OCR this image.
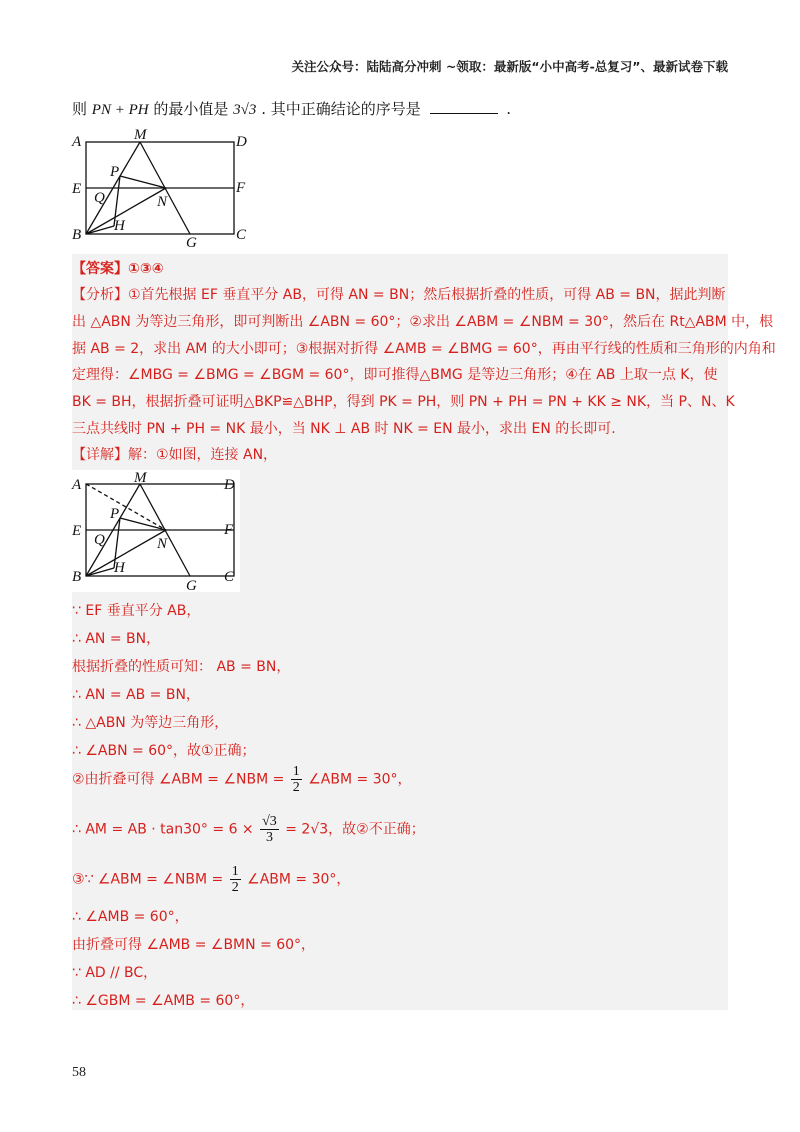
关注公众号：陆陆高分冲刺 ~领取：最新版“小中高考-总复习”、最新试卷下载
则 PN + PH 的最小值是 3√3 . 其中正确结论的序号是	.
A	M	D
P
E	F
Q	N
H
B	G	C
【答案】①③④
【分析】①首先根据 EF 垂直平分 AB，可得 AN = BN；然后根据折叠的性质，可得 AB = BN，据此判断
出 △ABN 为等边三角形，即可判断出 ∠ABN = 60°；②求出 ∠ABM = ∠NBM = 30°，然后在 Rt△ABM 中，根
据 AB = 2，求出 AM 的大小即可；③根据对折得 ∠AMB = ∠BMG = 60°，再由平行线的性质和三角形的内角和
定理得：∠MBG = ∠BMG = ∠BGM = 60°，即可推得△BMG 是等边三角形；④在 AB 上取一点 K，使
BK = BH，根据折叠可证明△BKP≌△BHP，得到 PK = PH，则 PN + PH = PN + KK ≥ NK，当 P、N、K
三点共线时 PN + PH = NK 最小，当 NK ⊥ AB 时 NK = EN 最小，求出 EN 的长即可.
【详解】解：①如图，连接 AN，
A	M	D
P
E	F
Q	N
H
B
G
C
∵ EF 垂直平分 AB，
∴ AN = BN，
根据折叠的性质可知： AB = BN，
∴ AN = AB = BN，
∴ △ABN 为等边三角形，
∴ ∠ABN = 60°，故①正确；
②由折叠可得 ∠ABM = ∠NBM = $\frac{1}{2}$ ∠ABM = 30°，
∴ AM = AB · $\tan 30^\circ = 6 \times \frac{√3}{3} = 2√3$，故②不正确；
③∵ ∠ABM = ∠NBM = $\frac{1}{2}$ ∠ABM = 30°，
∴ ∠AMB = 60°，
由折叠可得 ∠AMB = ∠BMN = 60°，
∵ AD // BC，
∴ ∠GBM = ∠AMB = 60°，
58
